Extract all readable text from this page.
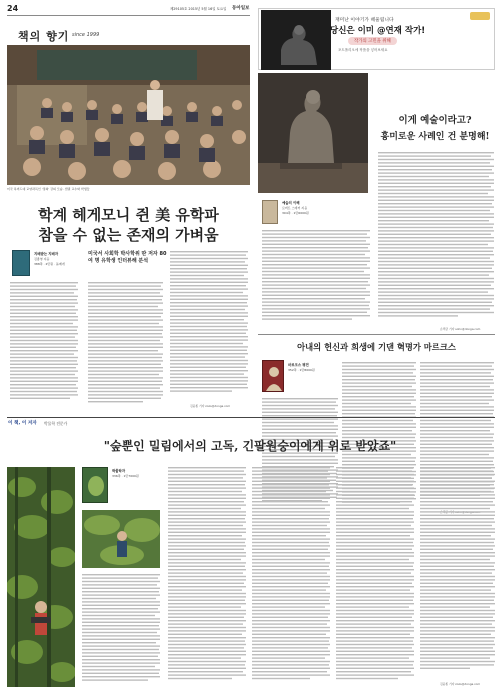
24	제29105호 2015년 5월 16일 토요일 동아일보
책의 향기 since 1999
미국 하버드대 교양과목인 '정의' 강의 모습. 샌델 교수와 학생들
학계 헤게모니 쥔 美 유학파
참을 수 없는 존재의 가벼움
지배받는 지배자
김종영 지음
388쪽 · 2만원 · 돌베개
미국서 사회학 박사학위 딴 저자 80여 명 유학생 인터뷰해 분석
김윤종 기자 zozo@donga.com
재미난 이야기가 떼울립니다
당신은 이미 @연재 작가!
작가의 고민을 위해
포트폴리오에 작품을 넣어보세요
이게 예술이라고?
흥미로운 사례인 건 분명해!
예술의 이해
로버트 스테커 지음
304쪽 · 1만6000원
손택균 기자 sohn@donga.com
아내의 헌신과 희생에 기댄 혁명가 마르크스
마르크스 평전
352쪽 · 1만8000원
이 책, 이 저자 박물학 전문가
"숲뿐인 밀림에서의 고독, 긴팔원숭이에게 위로 받았죠"
박물학자
336쪽 · 1만7000원
김윤종 기자 zozo@donga.com
